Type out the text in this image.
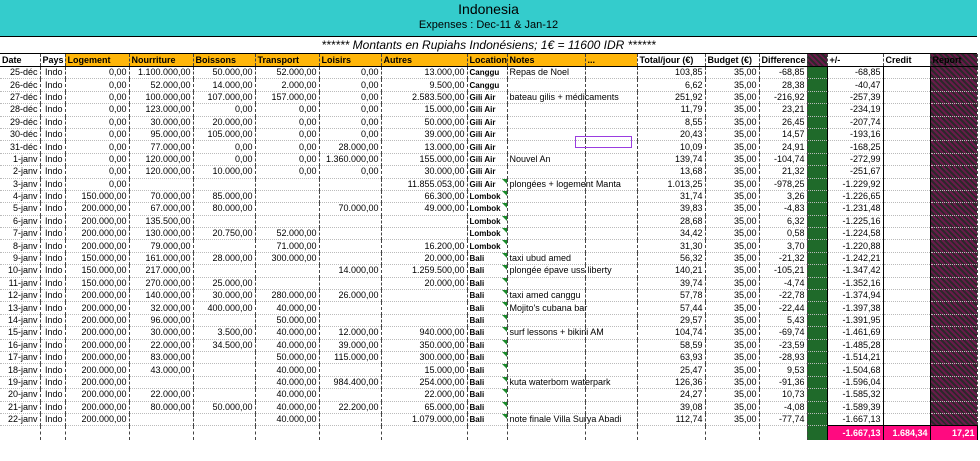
Indonesia
Expenses : Dec-11 & Jan-12
****** Montants en Rupiahs Indonésiens; 1€ = 11600 IDR ******
Date	Pays	Logement	Nourriture	Boissons	Transport	Loisirs	Autres	Location	Notes	...	Total/jour (€)	Budget (€)	Difference		+/-	Credit	Report
25-déc	Indo	0,00	1.100.000,00	50.000,00	52.000,00	0,00	13.000,00	Canggu	Repas de Noel		103,85	35,00	-68,85		-68,85		
26-déc	Indo	0,00	52.000,00	14.000,00	2.000,00	0,00	9.500,00	Canggu			6,62	35,00	28,38		-40,47		
27-déc	Indo	0,00	100.000,00	107.000,00	157.000,00	0,00	2.583.500,00	Gili Air	bateau gilis + médicaments		251,92	35,00	-216,92		-257,39		
28-déc	Indo	0,00	123.000,00	0,00	0,00	0,00	15.000,00	Gili Air			11,79	35,00	23,21		-234,19		
29-déc	Indo	0,00	30.000,00	20.000,00	0,00	0,00	50.000,00	Gili Air			8,55	35,00	26,45		-207,74		
30-déc	Indo	0,00	95.000,00	105.000,00	0,00	0,00	39.000,00	Gili Air			20,43	35,00	14,57		-193,16		
31-déc	Indo	0,00	77.000,00	0,00	0,00	28.000,00	13.000,00	Gili Air			10,09	35,00	24,91		-168,25		
1-janv	Indo	0,00	120.000,00	0,00	0,00	1.360.000,00	155.000,00	Gili Air	Nouvel An		139,74	35,00	-104,74		-272,99		
2-janv	Indo	0,00	120.000,00	10.000,00	0,00	0,00	30.000,00	Gili Air			13,68	35,00	21,32		-251,67		
3-janv	Indo	0,00					11.855.053,00	Gili Air	plongées + logement Manta		1.013,25	35,00	-978,25		-1.229,92		
4-janv	Indo	150.000,00	70.000,00	85.000,00			66.300,00	Lombok			31,74	35,00	3,26		-1.226,65		
5-janv	Indo	200.000,00	67.000,00	80.000,00		70.000,00	49.000,00	Lombok			39,83	35,00	-4,83		-1.231,48		
6-janv	Indo	200.000,00	135.500,00					Lombok			28,68	35,00	6,32		-1.225,16		
7-janv	Indo	200.000,00	130.000,00	20.750,00	52.000,00			Lombok			34,42	35,00	0,58		-1.224,58		
8-janv	Indo	200.000,00	79.000,00		71.000,00		16.200,00	Lombok			31,30	35,00	3,70		-1.220,88		
9-janv	Indo	150.000,00	161.000,00	28.000,00	300.000,00		20.000,00	Bali	taxi ubud amed		56,32	35,00	-21,32		-1.242,21		
10-janv	Indo	150.000,00	217.000,00			14.000,00	1.259.500,00	Bali	plongée épave uss liberty		140,21	35,00	-105,21		-1.347,42		
11-janv	Indo	150.000,00	270.000,00	25.000,00			20.000,00	Bali			39,74	35,00	-4,74		-1.352,16		
12-janv	Indo	200.000,00	140.000,00	30.000,00	280.000,00	26.000,00		Bali	taxi amed canggu		57,78	35,00	-22,78		-1.374,94		
13-janv	Indo	200.000,00	32.000,00	400.000,00	40.000,00			Bali	Mojito's cubana bar		57,44	35,00	-22,44		-1.397,38		
14-janv	Indo	200.000,00	96.000,00		50.000,00			Bali			29,57	35,00	5,43		-1.391,95		
15-janv	Indo	200.000,00	30.000,00	3.500,00	40.000,00	12.000,00	940.000,00	Bali	surf lessons + bikini AM		104,74	35,00	-69,74		-1.461,69		
16-janv	Indo	200.000,00	22.000,00	34.500,00	40.000,00	39.000,00	350.000,00	Bali			58,59	35,00	-23,59		-1.485,28		
17-janv	Indo	200.000,00	83.000,00		50.000,00	115.000,00	300.000,00	Bali			63,93	35,00	-28,93		-1.514,21		
18-janv	Indo	200.000,00	43.000,00		40.000,00		15.000,00	Bali			25,47	35,00	9,53		-1.504,68		
19-janv	Indo	200.000,00			40.000,00	984.400,00	254.000,00	Bali	kuta waterbom waterpark		126,36	35,00	-91,36		-1.596,04		
20-janv	Indo	200.000,00	22.000,00		40.000,00		22.000,00	Bali			24,27	35,00	10,73		-1.585,32		
21-janv	Indo	200.000,00	80.000,00	50.000,00	40.000,00	22.200,00	65.000,00	Bali			39,08	35,00	-4,08		-1.589,39		
22-janv	Indo	200.000,00			40.000,00		1.079.000,00	Bali	note finale Villa Surya Abadi		112,74	35,00	-77,74		-1.667,13		
															-1.667,13	1.684,34	17,21
